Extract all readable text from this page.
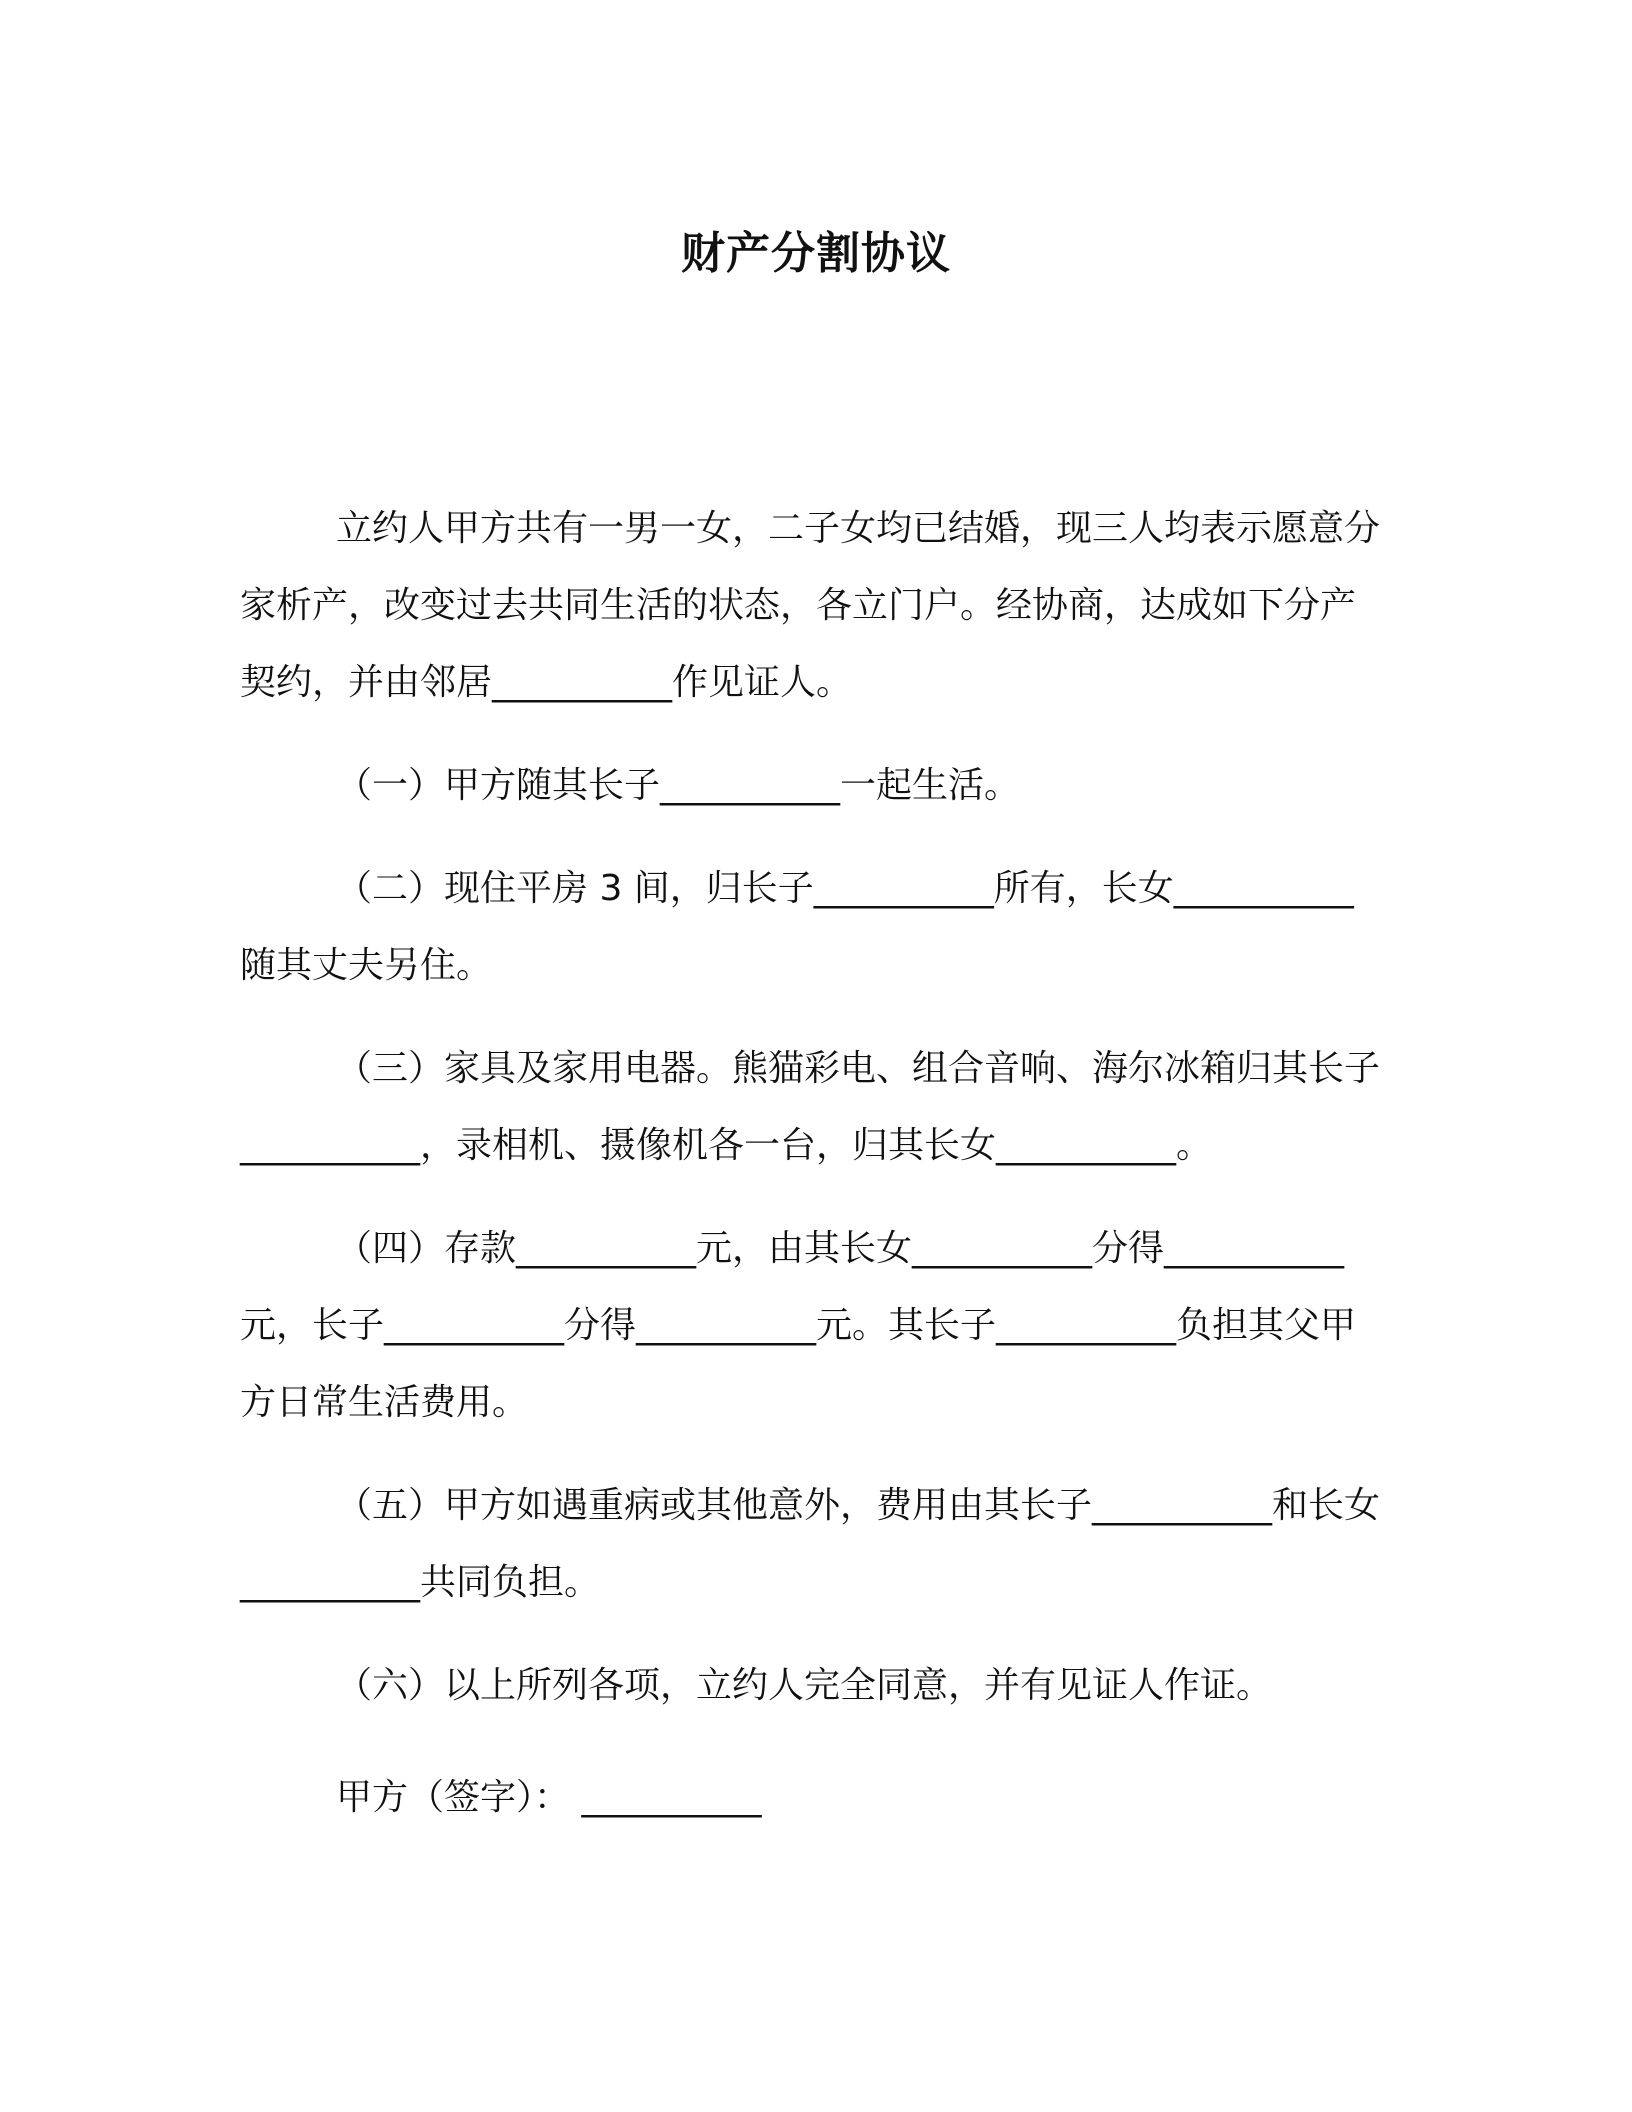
财产分割协议

立约人甲方共有一男一女，二子女均已结婚，现三人均表示愿意分家析产，改变过去共同生活的状态，各立门户。经协商，达成如下分产契约，并由邻居__________作见证人。

（一）甲方随其长子__________一起生活。

（二）现住平房 3 间，归长子__________所有，长女__________随其丈夫另住。

（三）家具及家用电器。熊猫彩电、组合音响、海尔冰箱归其长子__________，录相机、摄像机各一台，归其长女__________。

（四）存款__________元，由其长女__________分得__________元，长子__________分得__________元。其长子__________负担其父甲方日常生活费用。

（五）甲方如遇重病或其他意外，费用由其长子__________和长女__________共同负担。

（六）以上所列各项，立约人完全同意，并有见证人作证。

甲方（签字）： __________
